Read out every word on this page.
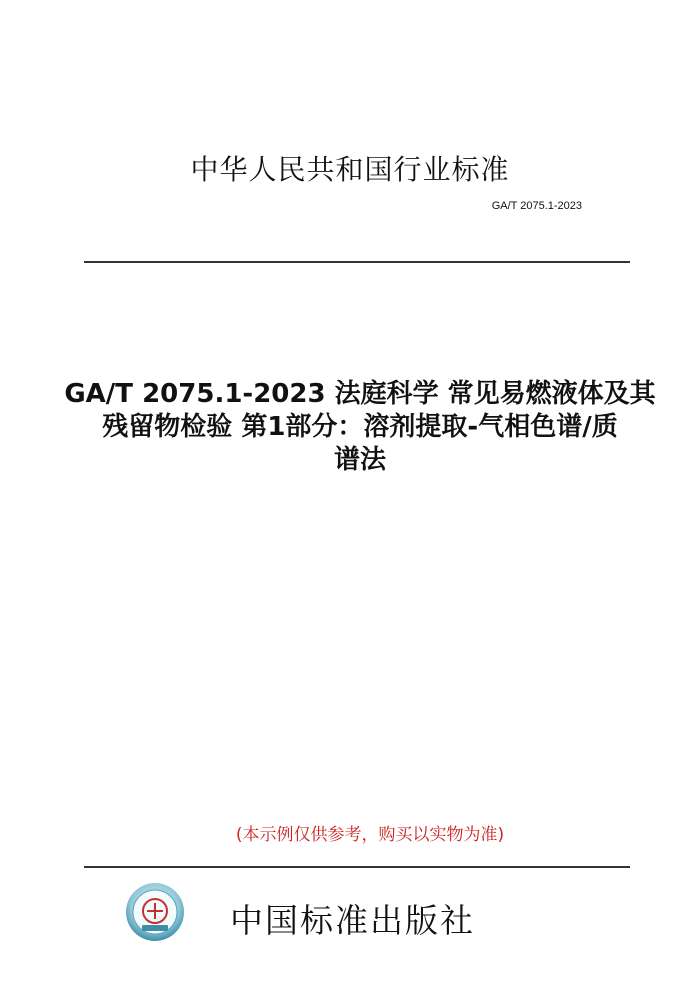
中华人民共和国行业标准
GA/T 2075.1-2023
GA/T 2075.1-2023 法庭科学 常见易燃液体及其
残留物检验 第1部分：溶剂提取-气相色谱/质
谱法
(本示例仅供参考，购买以实物为准)
中国标准出版社
